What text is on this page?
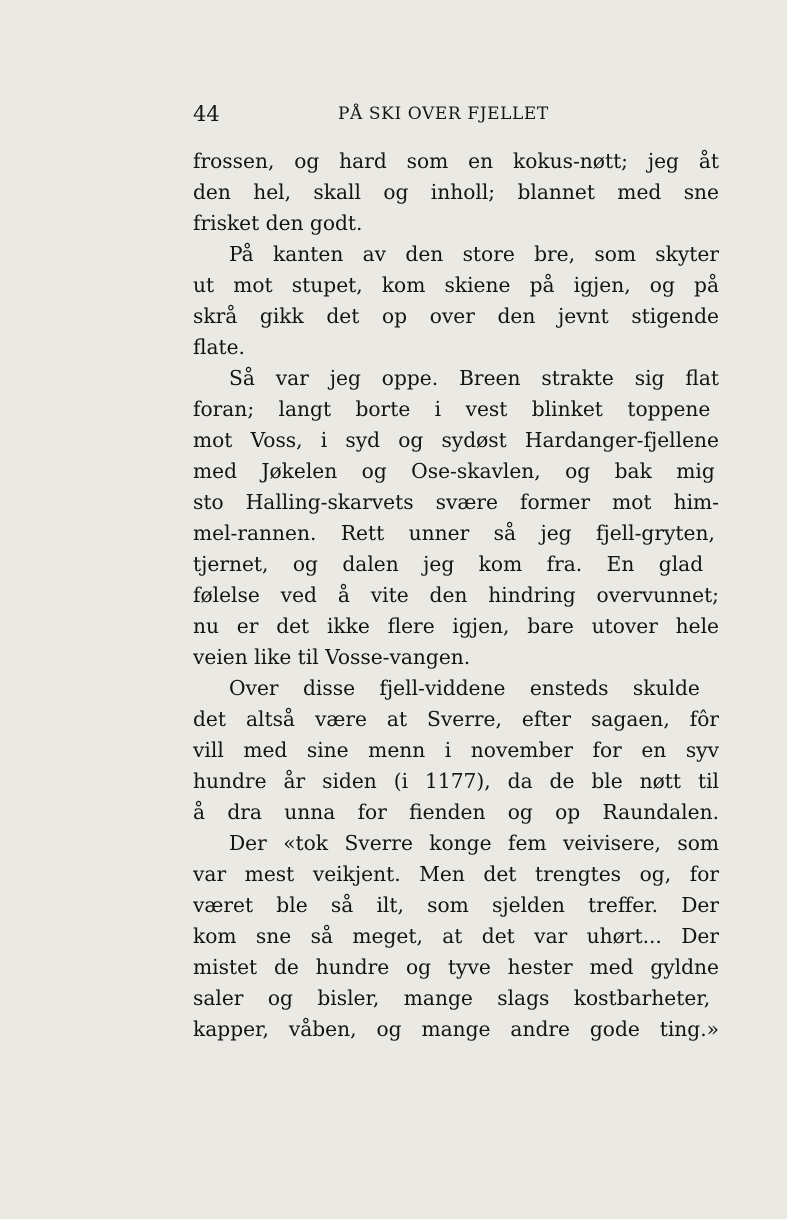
44	PÅ SKI OVER FJELLET
frossen, og hard som en kokus-nøtt; jeg åt
den hel, skall og inholl; blannet med sne
frisket den godt.
På kanten av den store bre, som skyter
ut mot stupet, kom skiene på igjen, og på
skrå gikk det op over den jevnt stigende
flate.
Så var jeg oppe. Breen strakte sig flat
foran; langt borte i vest blinket toppene
mot Voss, i syd og sydøst Hardanger-fjellene
med Jøkelen og Ose-skavlen, og bak mig
sto Halling-skarvets svære former mot him-
mel-rannen. Rett unner så jeg fjell-gryten,
tjernet, og dalen jeg kom fra. En glad
følelse ved å vite den hindring overvunnet;
nu er det ikke flere igjen, bare utover hele
veien like til Vosse-vangen.
Over disse fjell-viddene ensteds skulde
det altså være at Sverre, efter sagaen, fôr
vill med sine menn i november for en syv
hundre år siden (i 1177), da de ble nøtt til
å dra unna for fienden og op Raundalen.
Der «tok Sverre konge fem veivisere, som
var mest veikjent. Men det trengtes og, for
været ble så ilt, som sjelden treffer. Der
kom sne så meget, at det var uhørt... Der
mistet de hundre og tyve hester med gyldne
saler og bisler, mange slags kostbarheter,
kapper, våben, og mange andre gode ting.»
